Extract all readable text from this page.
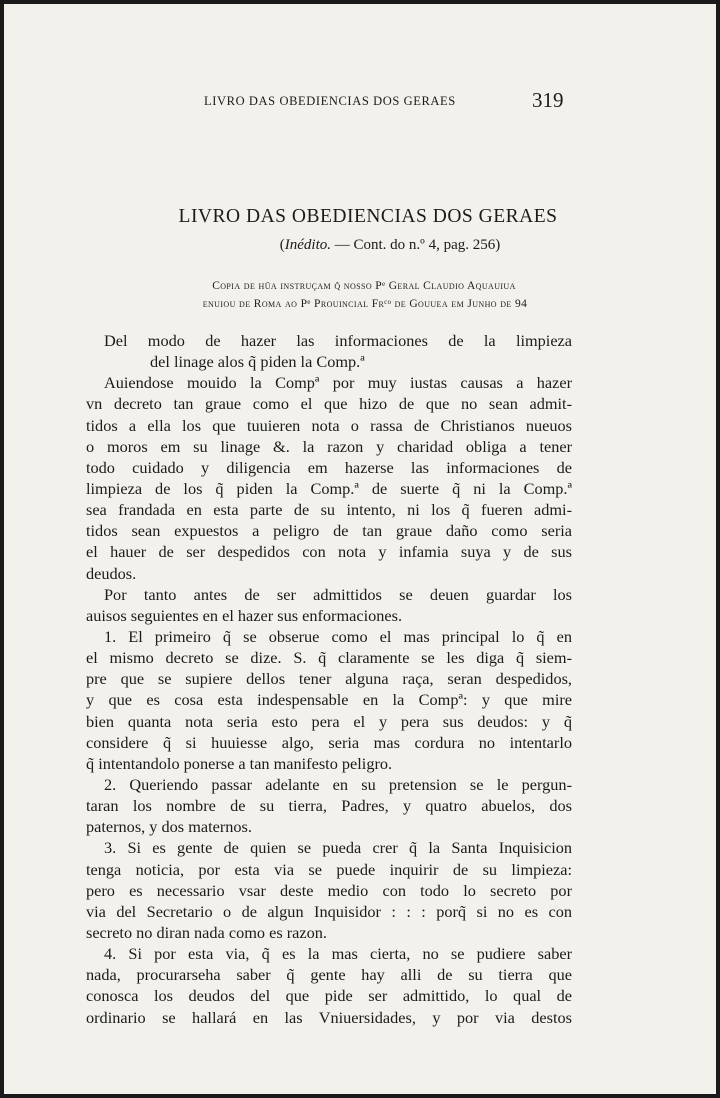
LIVRO DAS OBEDIENCIAS DOS GERAES	319
LIVRO DAS OBEDIENCIAS DOS GERAES
(Inédito. — Cont. do n.º 4, pag. 256)
Copia de hũa instruçam q̃ nosso Pᵉ Geral Claudio Aquauiua
enuiou de Roma ao Pᵉ Prouincial Frᶜᵒ de Gouuea em Junho de 94
Del modo de hazer las informaciones de la limpieza
del linage alos q̃ piden la Comp.ª
Auiendose mouido la Compª por muy iustas causas a hazer
vn decreto tan graue como el que hizo de que no sean admit-
tidos a ella los que tuuieren nota o rassa de Christianos nueuos
o moros em su linage &. la razon y charidad obliga a tener
todo cuidado y diligencia em hazerse las informaciones de
limpieza de los q̃ piden la Comp.ª de suerte q̃ ni la Comp.ª
sea frandada en esta parte de su intento, ni los q̃ fueren admi-
tidos sean expuestos a peligro de tan graue daño como seria
el hauer de ser despedidos con nota y infamia suya y de sus
deudos.
Por tanto antes de ser admittidos se deuen guardar los
auisos seguientes en el hazer sus enformaciones.
1. El primeiro q̃ se obserue como el mas principal lo q̃ en
el mismo decreto se dize. S. q̃ claramente se les diga q̃ siem-
pre que se supiere dellos tener alguna raça, seran despedidos,
y que es cosa esta indespensable en la Compª: y que mire
bien quanta nota seria esto pera el y pera sus deudos: y q̃
considere q̃ si huuiesse algo, seria mas cordura no intentarlo
q̃ intentandolo ponerse a tan manifesto peligro.
2. Queriendo passar adelante en su pretension se le pergun-
taran los nombre de su tierra, Padres, y quatro abuelos, dos
paternos, y dos maternos.
3. Si es gente de quien se pueda crer q̃ la Santa Inquisicion
tenga noticia, por esta via se puede inquirir de su limpieza:
pero es necessario vsar deste medio con todo lo secreto por
via del Secretario o de algun Inquisidor : : : porq̃ si no es con
secreto no diran nada como es razon.
4. Si por esta via, q̃ es la mas cierta, no se pudiere saber
nada, procurarseha saber q̃ gente hay alli de su tierra que
conosca los deudos del que pide ser admittido, lo qual de
ordinario se hallará en las Vniuersidades, y por via destos
